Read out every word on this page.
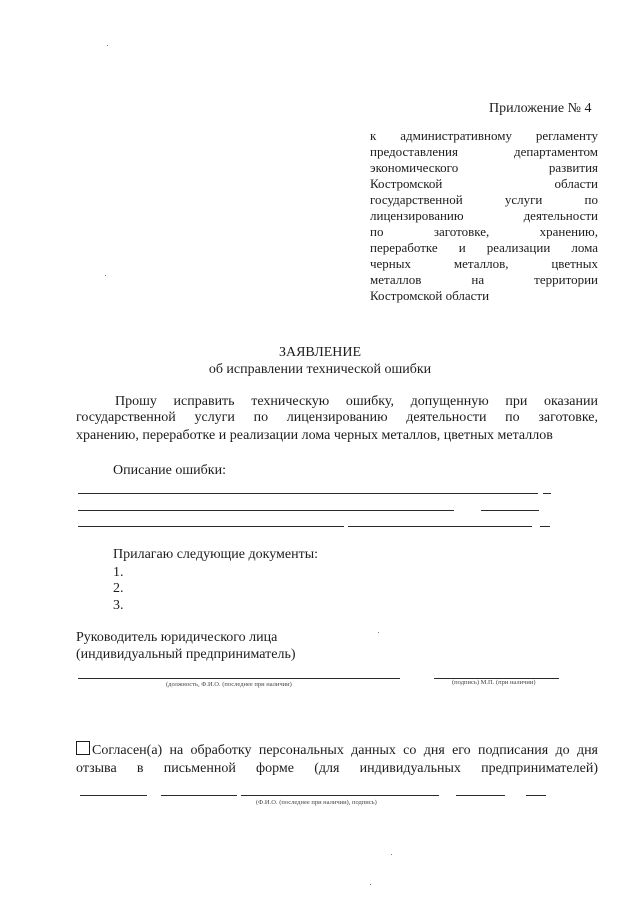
Приложение № 4
к административному регламенту
предоставления департаментом
экономического развития
Костромской области
государственной услуги по
лицензированию деятельности
по заготовке, хранению,
переработке и реализации лома
черных металлов, цветных
металлов на территории
Костромской области
ЗАЯВЛЕНИЕ
об исправлении технической ошибки
Прошу исправить техническую ошибку, допущенную при оказании
государственной услуги по лицензированию деятельности по заготовке,
хранению, переработке и реализации лома черных металлов, цветных металлов
Описание ошибки:
Прилагаю следующие документы:
1.
2.
3.
Руководитель юридического лица
(индивидуальный предприниматель)
(должность, Ф.И.О. (последнее при наличии)	(подпись) М.П. (при наличии)
Согласен(а) на обработку персональных данных со дня его подписания до дня
отзыва в письменной форме (для индивидуальных предпринимателей)
(Ф.И.О. (последнее при наличии), подпись)
